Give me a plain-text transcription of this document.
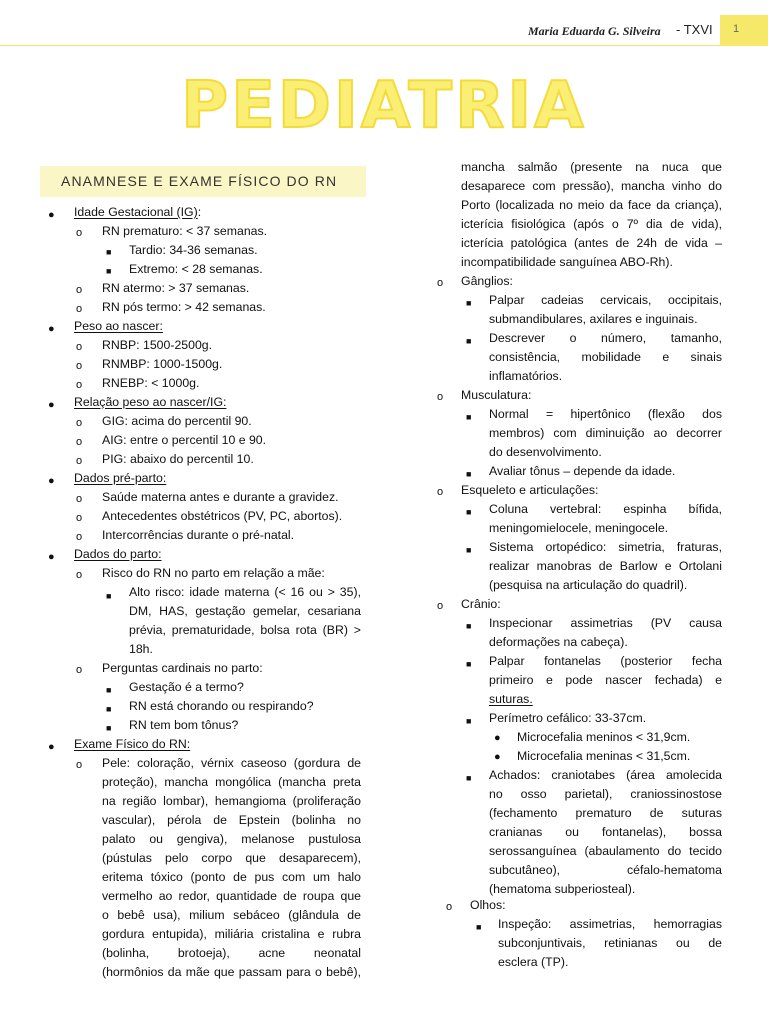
Maria Eduarda G. Silveira - TXVI 1
PEDIATRIA
ANAMNESE E EXAME FÍSICO DO RN
● Idade Gestacional (IG):
o RN prematuro: < 37 semanas.
■ Tardio: 34-36 semanas.
■ Extremo: < 28 semanas.
o RN atermo: > 37 semanas.
o RN pós termo: > 42 semanas.
● Peso ao nascer:
o RNBP: 1500-2500g.
o RNMBP: 1000-1500g.
o RNEBP: < 1000g.
● Relação peso ao nascer/IG:
o GIG: acima do percentil 90.
o AIG: entre o percentil 10 e 90.
o PIG: abaixo do percentil 10.
● Dados pré-parto:
o Saúde materna antes e durante a gravidez.
o Antecedentes obstétricos (PV, PC, abortos).
o Intercorrências durante o pré-natal.
● Dados do parto:
o Risco do RN no parto em relação a mãe:
■ Alto risco: idade materna (< 16 ou > 35),
DM, HAS, gestação gemelar, cesariana
prévia, prematuridade, bolsa rota (BR) >
18h.
o Perguntas cardinais no parto:
■ Gestação é a termo?
■ RN está chorando ou respirando?
■ RN tem bom tônus?
● Exame Físico do RN:
o Pele: coloração, vérnix caseoso (gordura de
proteção), mancha mongólica (mancha preta
na região lombar), hemangioma (proliferação
vascular), pérola de Epstein (bolinha no
palato ou gengiva), melanose pustulosa
(pústulas pelo corpo que desaparecem),
eritema tóxico (ponto de pus com um halo
vermelho ao redor, quantidade de roupa que
o bebê usa), milium sebáceo (glândula de
gordura entupida), miliária cristalina e rubra
(bolinha, brotoeja), acne neonatal
(hormônios da mãe que passam para o bebê),
mancha salmão (presente na nuca que
desaparece com pressão), mancha vinho do
Porto (localizada no meio da face da criança),
icterícia fisiológica (após o 7º dia de vida),
icterícia patológica (antes de 24h de vida –
incompatibilidade sanguínea ABO-Rh).
o Gânglios:
■ Palpar cadeias cervicais, occipitais,
submandibulares, axilares e inguinais.
■ Descrever o número, tamanho,
consistência, mobilidade e sinais
inflamatórios.
o Musculatura:
■ Normal = hipertônico (flexão dos
membros) com diminuição ao decorrer
do desenvolvimento.
■ Avaliar tônus – depende da idade.
o Esqueleto e articulações:
■ Coluna vertebral: espinha bífida,
meningomielocele, meningocele.
■ Sistema ortopédico: simetria, fraturas,
realizar manobras de Barlow e Ortolani
(pesquisa na articulação do quadril).
o Crânio:
■ Inspecionar assimetrias (PV causa
deformações na cabeça).
■ Palpar fontanelas (posterior fecha
primeiro e pode nascer fechada) e
suturas.
■ Perímetro cefálico: 33-37cm.
● Microcefalia meninos < 31,9cm.
● Microcefalia meninas < 31,5cm.
■ Achados: craniotabes (área amolecida
no osso parietal), craniossinostose
(fechamento prematuro de suturas
cranianas ou fontanelas), bossa
serossanguínea (abaulamento do tecido
subcutâneo), céfalo-hematoma
(hematoma subperiosteal).
o Olhos:
■ Inspeção: assimetrias, hemorragias
subconjuntivais, retinianas ou de
esclera (TP).
